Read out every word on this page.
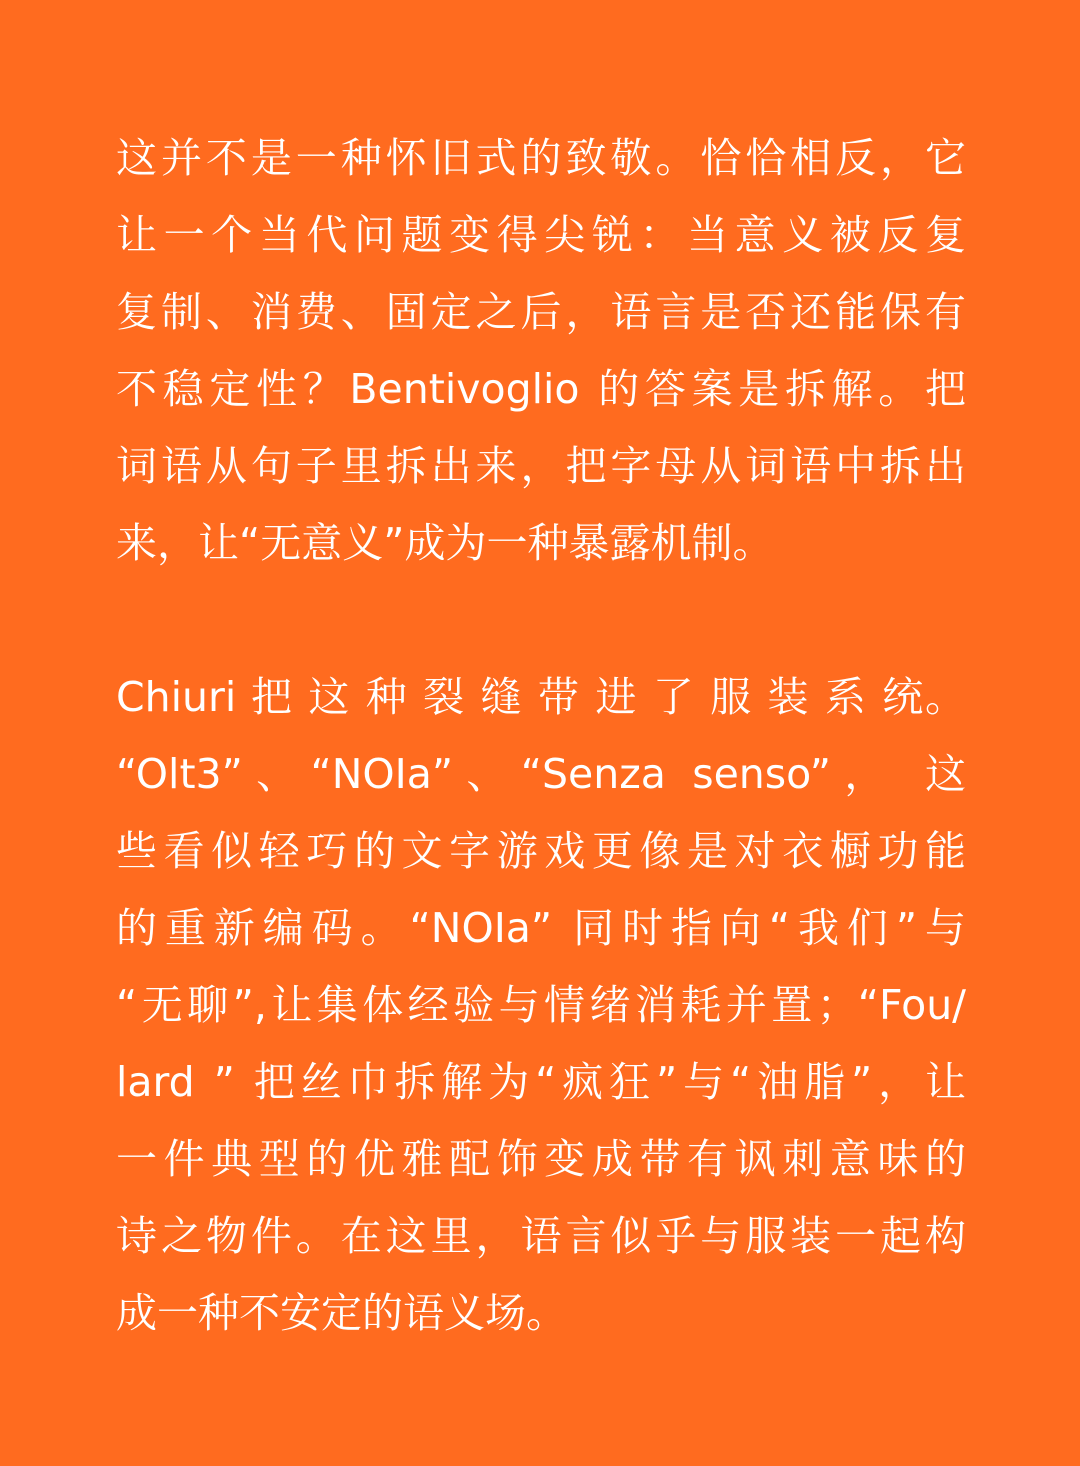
这并不是一种怀旧式的致敬。恰恰相反，它
让一个当代问题变得尖锐：当意义被反复
复制、消费、固定之后，语言是否还能保有
不稳定性？Bentivoglio 的答案是拆解。把
词语从句子里拆出来，把字母从词语中拆出
来，让“无意义”成为一种暴露机制。

Chiuri 把 这 种 裂 缝 带 进 了 服 装 系 统。
“Olt3”、“NOIa”、“Senza senso”， 这
些看似轻巧的文字游戏更像是对衣橱功能
的重新编码。“NOIa” 同时指向“我们”与
“无聊”,让集体经验与情绪消耗并置；“Fou/
lard ” 把丝巾拆解为“疯狂”与“油脂”，让
一件典型的优雅配饰变成带有讽刺意味的
诗之物件。在这里，语言似乎与服装一起构
成一种不安定的语义场。
